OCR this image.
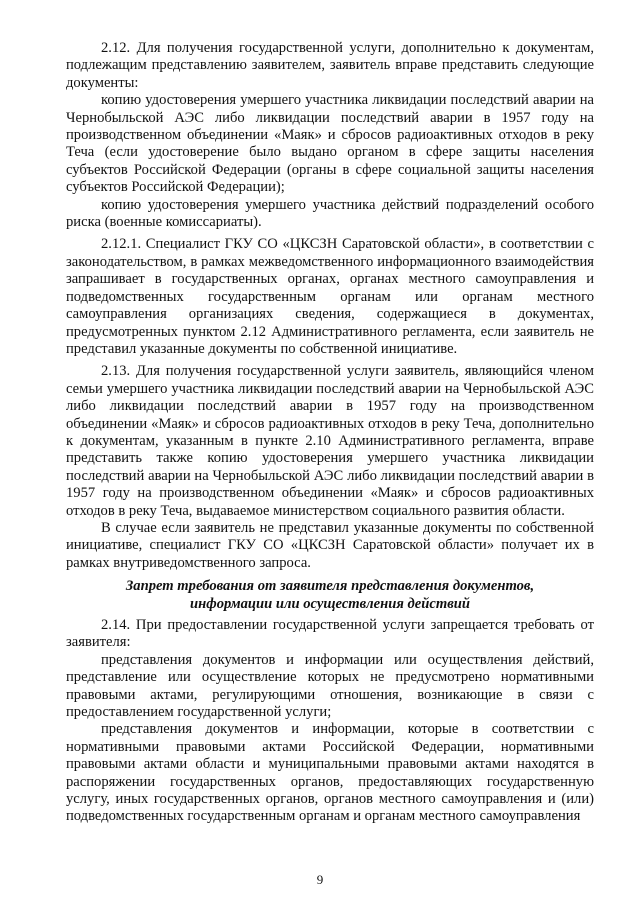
2.12. Для получения государственной услуги, дополнительно к документам, подлежащим представлению заявителем, заявитель вправе представить следующие документы:

копию удостоверения умершего участника ликвидации последствий аварии на Чернобыльской АЭС либо ликвидации последствий аварии в 1957 году на производственном объединении «Маяк» и сбросов радиоактивных отходов в реку Теча (если удостоверение было выдано органом в сфере защиты населения субъектов Российской Федерации (органы в сфере социальной защиты населения субъектов Российской Федерации);

копию удостоверения умершего участника действий подразделений особого риска (военные комиссариаты).

2.12.1. Специалист ГКУ СО «ЦКСЗН Саратовской области», в соответствии с законодательством, в рамках межведомственного информационного взаимодействия запрашивает в государственных органах, органах местного самоуправления и подведомственных государственным органам или органам местного самоуправления организациях сведения, содержащиеся в документах, предусмотренных пунктом 2.12 Административного регламента, если заявитель не представил указанные документы по собственной инициативе.

2.13. Для получения государственной услуги заявитель, являющийся членом семьи умершего участника ликвидации последствий аварии на Чернобыльской АЭС либо ликвидации последствий аварии в 1957 году на производственном объединении «Маяк» и сбросов радиоактивных отходов в реку Теча, дополнительно к документам, указанным в пункте 2.10 Административного регламента, вправе представить также копию удостоверения умершего участника ликвидации последствий аварии на Чернобыльской АЭС либо ликвидации последствий аварии в 1957 году на производственном объединении «Маяк» и сбросов радиоактивных отходов в реку Теча, выдаваемое министерством социального развития области.

В случае если заявитель не представил указанные документы по собственной инициативе, специалист ГКУ СО «ЦКСЗН Саратовской области» получает их в рамках внутриведомственного запроса.

Запрет требования от заявителя представления документов, информации или осуществления действий

2.14. При предоставлении государственной услуги запрещается требовать от заявителя:

представления документов и информации или осуществления действий, представление или осуществление которых не предусмотрено нормативными правовыми актами, регулирующими отношения, возникающие в связи с предоставлением государственной услуги;

представления документов и информации, которые в соответствии с нормативными правовыми актами Российской Федерации, нормативными правовыми актами области и муниципальными правовыми актами находятся в распоряжении государственных органов, предоставляющих государственную услугу, иных государственных органов, органов местного самоуправления и (или) подведомственных государственным органам и органам местного самоуправления

9
